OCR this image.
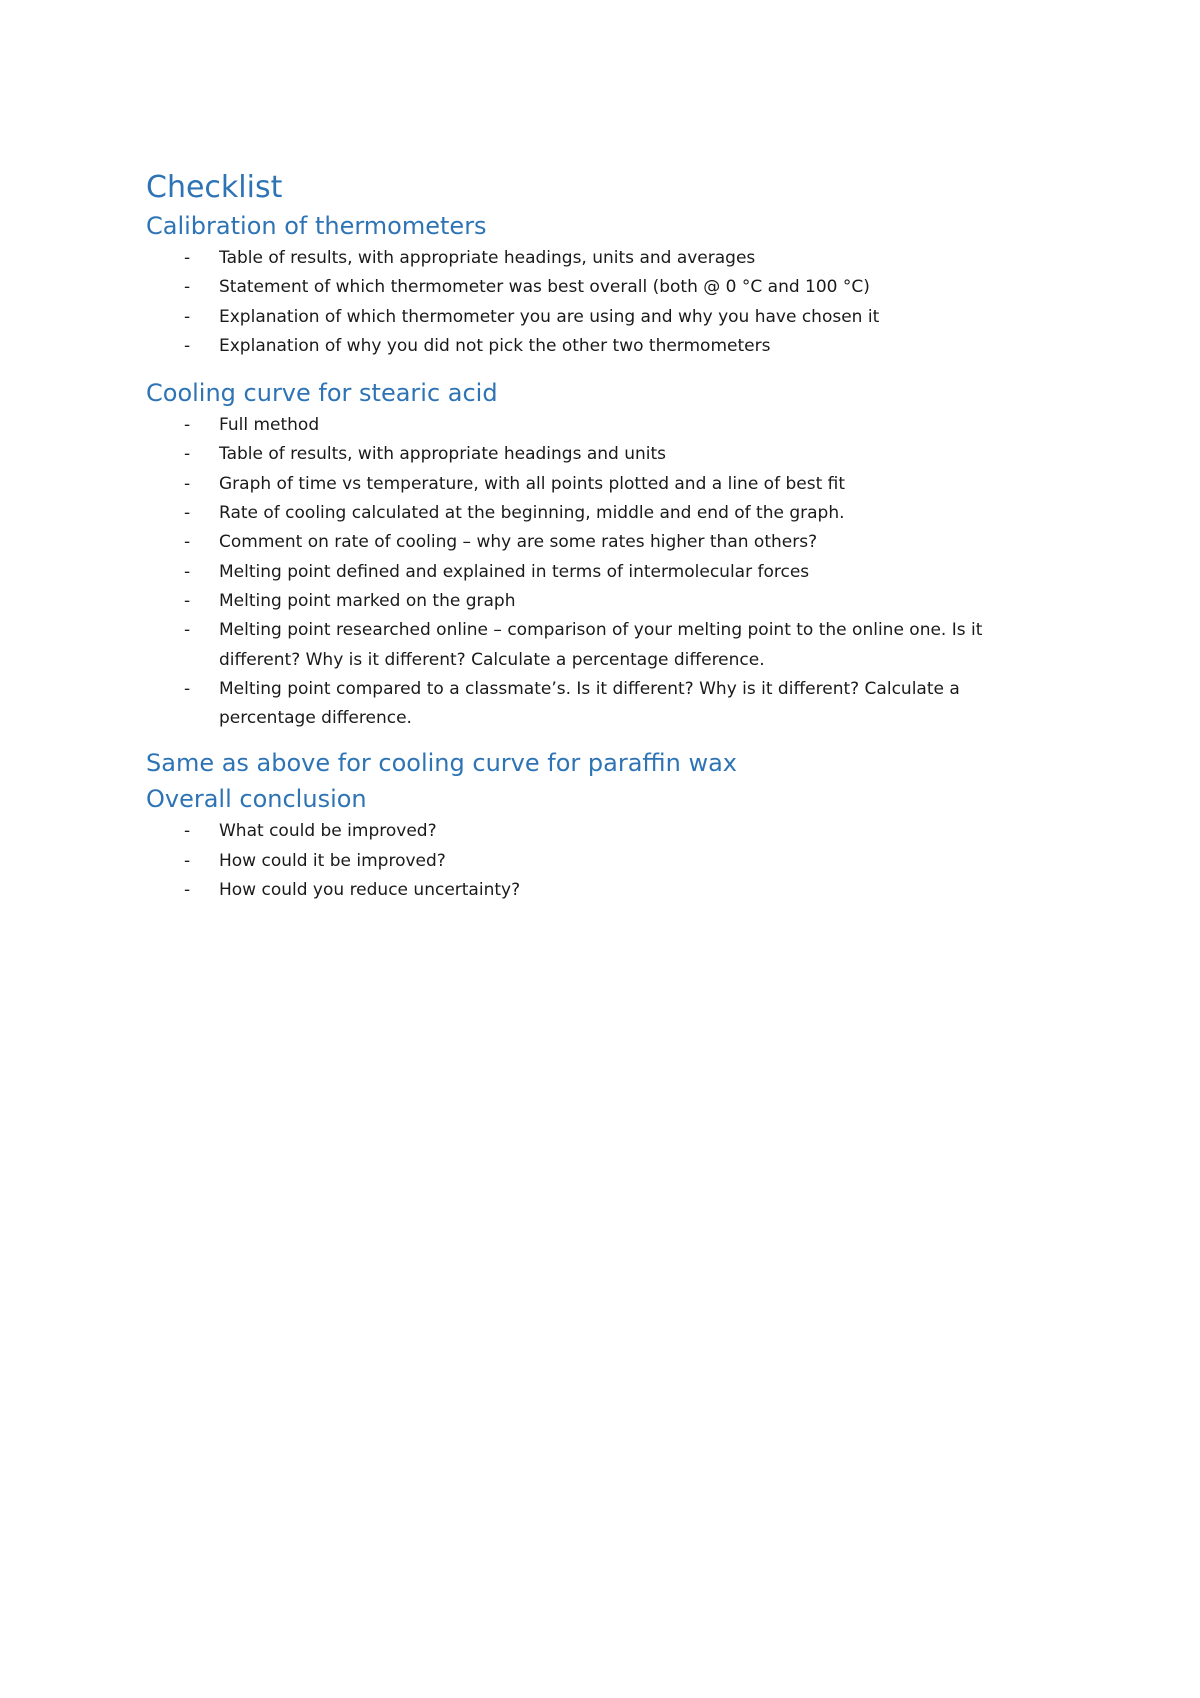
Checklist
Calibration of thermometers
- Table of results, with appropriate headings, units and averages
- Statement of which thermometer was best overall (both @ 0 °C and 100 °C)
- Explanation of which thermometer you are using and why you have chosen it
- Explanation of why you did not pick the other two thermometers
Cooling curve for stearic acid
- Full method
- Table of results, with appropriate headings and units
- Graph of time vs temperature, with all points plotted and a line of best fit
- Rate of cooling calculated at the beginning, middle and end of the graph.
- Comment on rate of cooling – why are some rates higher than others?
- Melting point defined and explained in terms of intermolecular forces
- Melting point marked on the graph
- Melting point researched online – comparison of your melting point to the online one. Is it different? Why is it different? Calculate a percentage difference.
- Melting point compared to a classmate’s. Is it different? Why is it different? Calculate a percentage difference.
Same as above for cooling curve for paraffin wax
Overall conclusion
- What could be improved?
- How could it be improved?
- How could you reduce uncertainty?
